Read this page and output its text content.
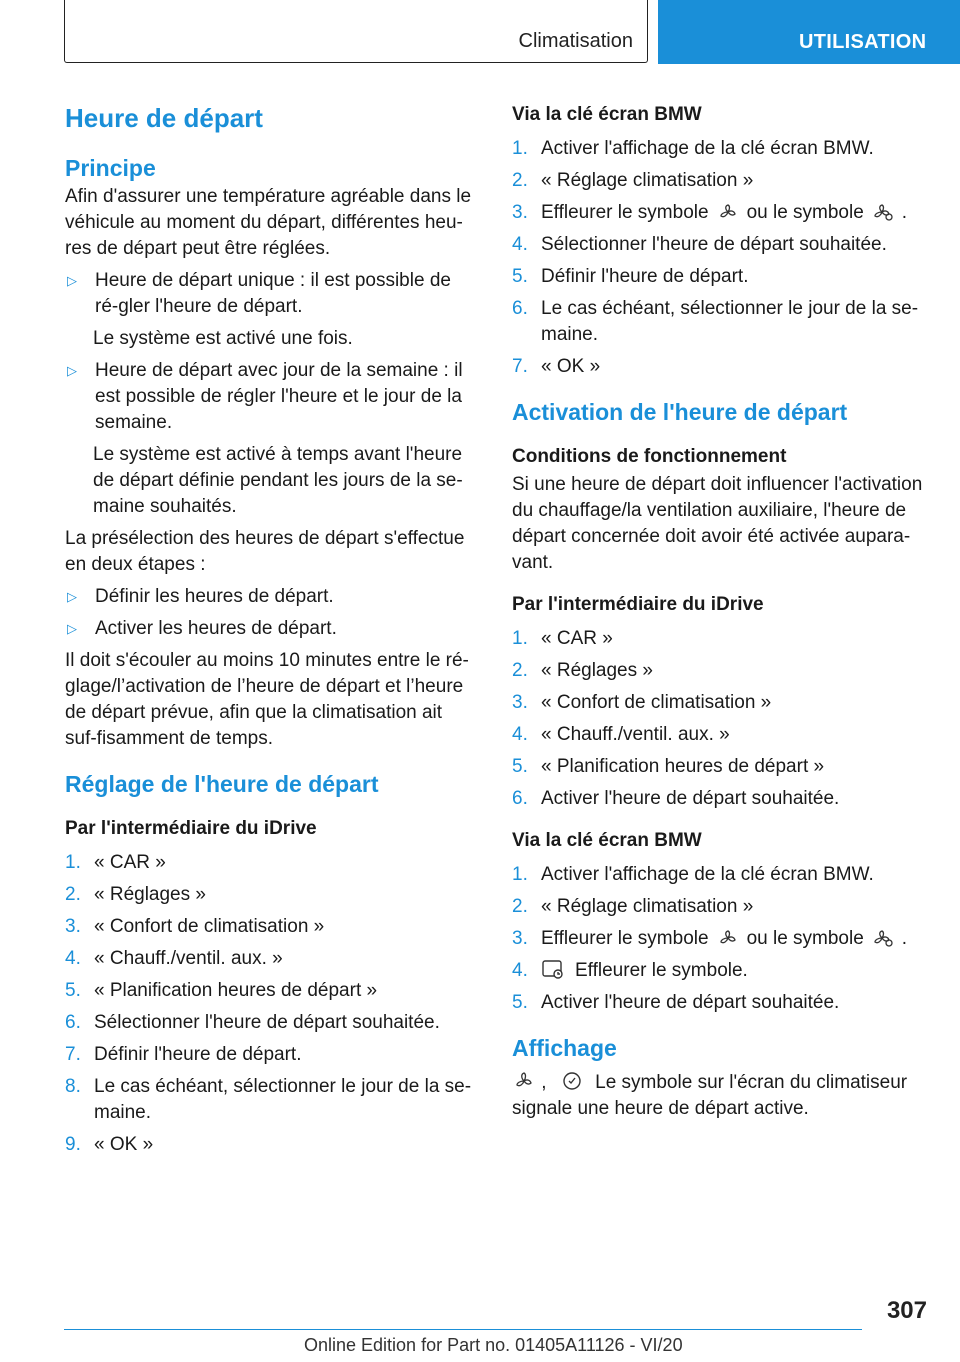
Climatisation	UTILISATION
Heure de départ
Principe
Afin d'assurer une température agréable dans le véhicule au moment du départ, différentes heu-res de départ peut être réglées.
▷ Heure de départ unique : il est possible de ré-gler l'heure de départ.
Le système est activé une fois.
▷ Heure de départ avec jour de la semaine : il est possible de régler l'heure et le jour de la semaine.
Le système est activé à temps avant l'heure de départ définie pendant les jours de la se-maine souhaités.
La présélection des heures de départ s'effectue en deux étapes :
▷ Définir les heures de départ.
▷ Activer les heures de départ.
Il doit s'écouler au moins 10 minutes entre le ré-glage/l’activation de l’heure de départ et l’heure de départ prévue, afin que la climatisation ait suf-fisamment de temps.
Réglage de l'heure de départ
Par l'intermédiaire du iDrive
1. « CAR »
2. « Réglages »
3. « Confort de climatisation »
4. « Chauff./ventil. aux. »
5. « Planification heures de départ »
6. Sélectionner l'heure de départ souhaitée.
7. Définir l'heure de départ.
8. Le cas échéant, sélectionner le jour de la se-maine.
9. « OK »
Via la clé écran BMW
1. Activer l'affichage de la clé écran BMW.
2. « Réglage climatisation »
3. Effleurer le symbole ou le symbole .
4. Sélectionner l'heure de départ souhaitée.
5. Définir l'heure de départ.
6. Le cas échéant, sélectionner le jour de la se-maine.
7. « OK »
Activation de l'heure de départ
Conditions de fonctionnement
Si une heure de départ doit influencer l'activation du chauffage/la ventilation auxiliaire, l'heure de départ concernée doit avoir été activée aupara-vant.
Par l'intermédiaire du iDrive
1. « CAR »
2. « Réglages »
3. « Confort de climatisation »
4. « Chauff./ventil. aux. »
5. « Planification heures de départ »
6. Activer l'heure de départ souhaitée.
Via la clé écran BMW
1. Activer l'affichage de la clé écran BMW.
2. « Réglage climatisation »
3. Effleurer le symbole ou le symbole .
4.	Effleurer le symbole.
5. Activer l'heure de départ souhaitée.
Affichage
,	Le symbole sur l'écran du climatiseur signale une heure de départ active.
307
Online Edition for Part no. 01405A11126 - VI/20
